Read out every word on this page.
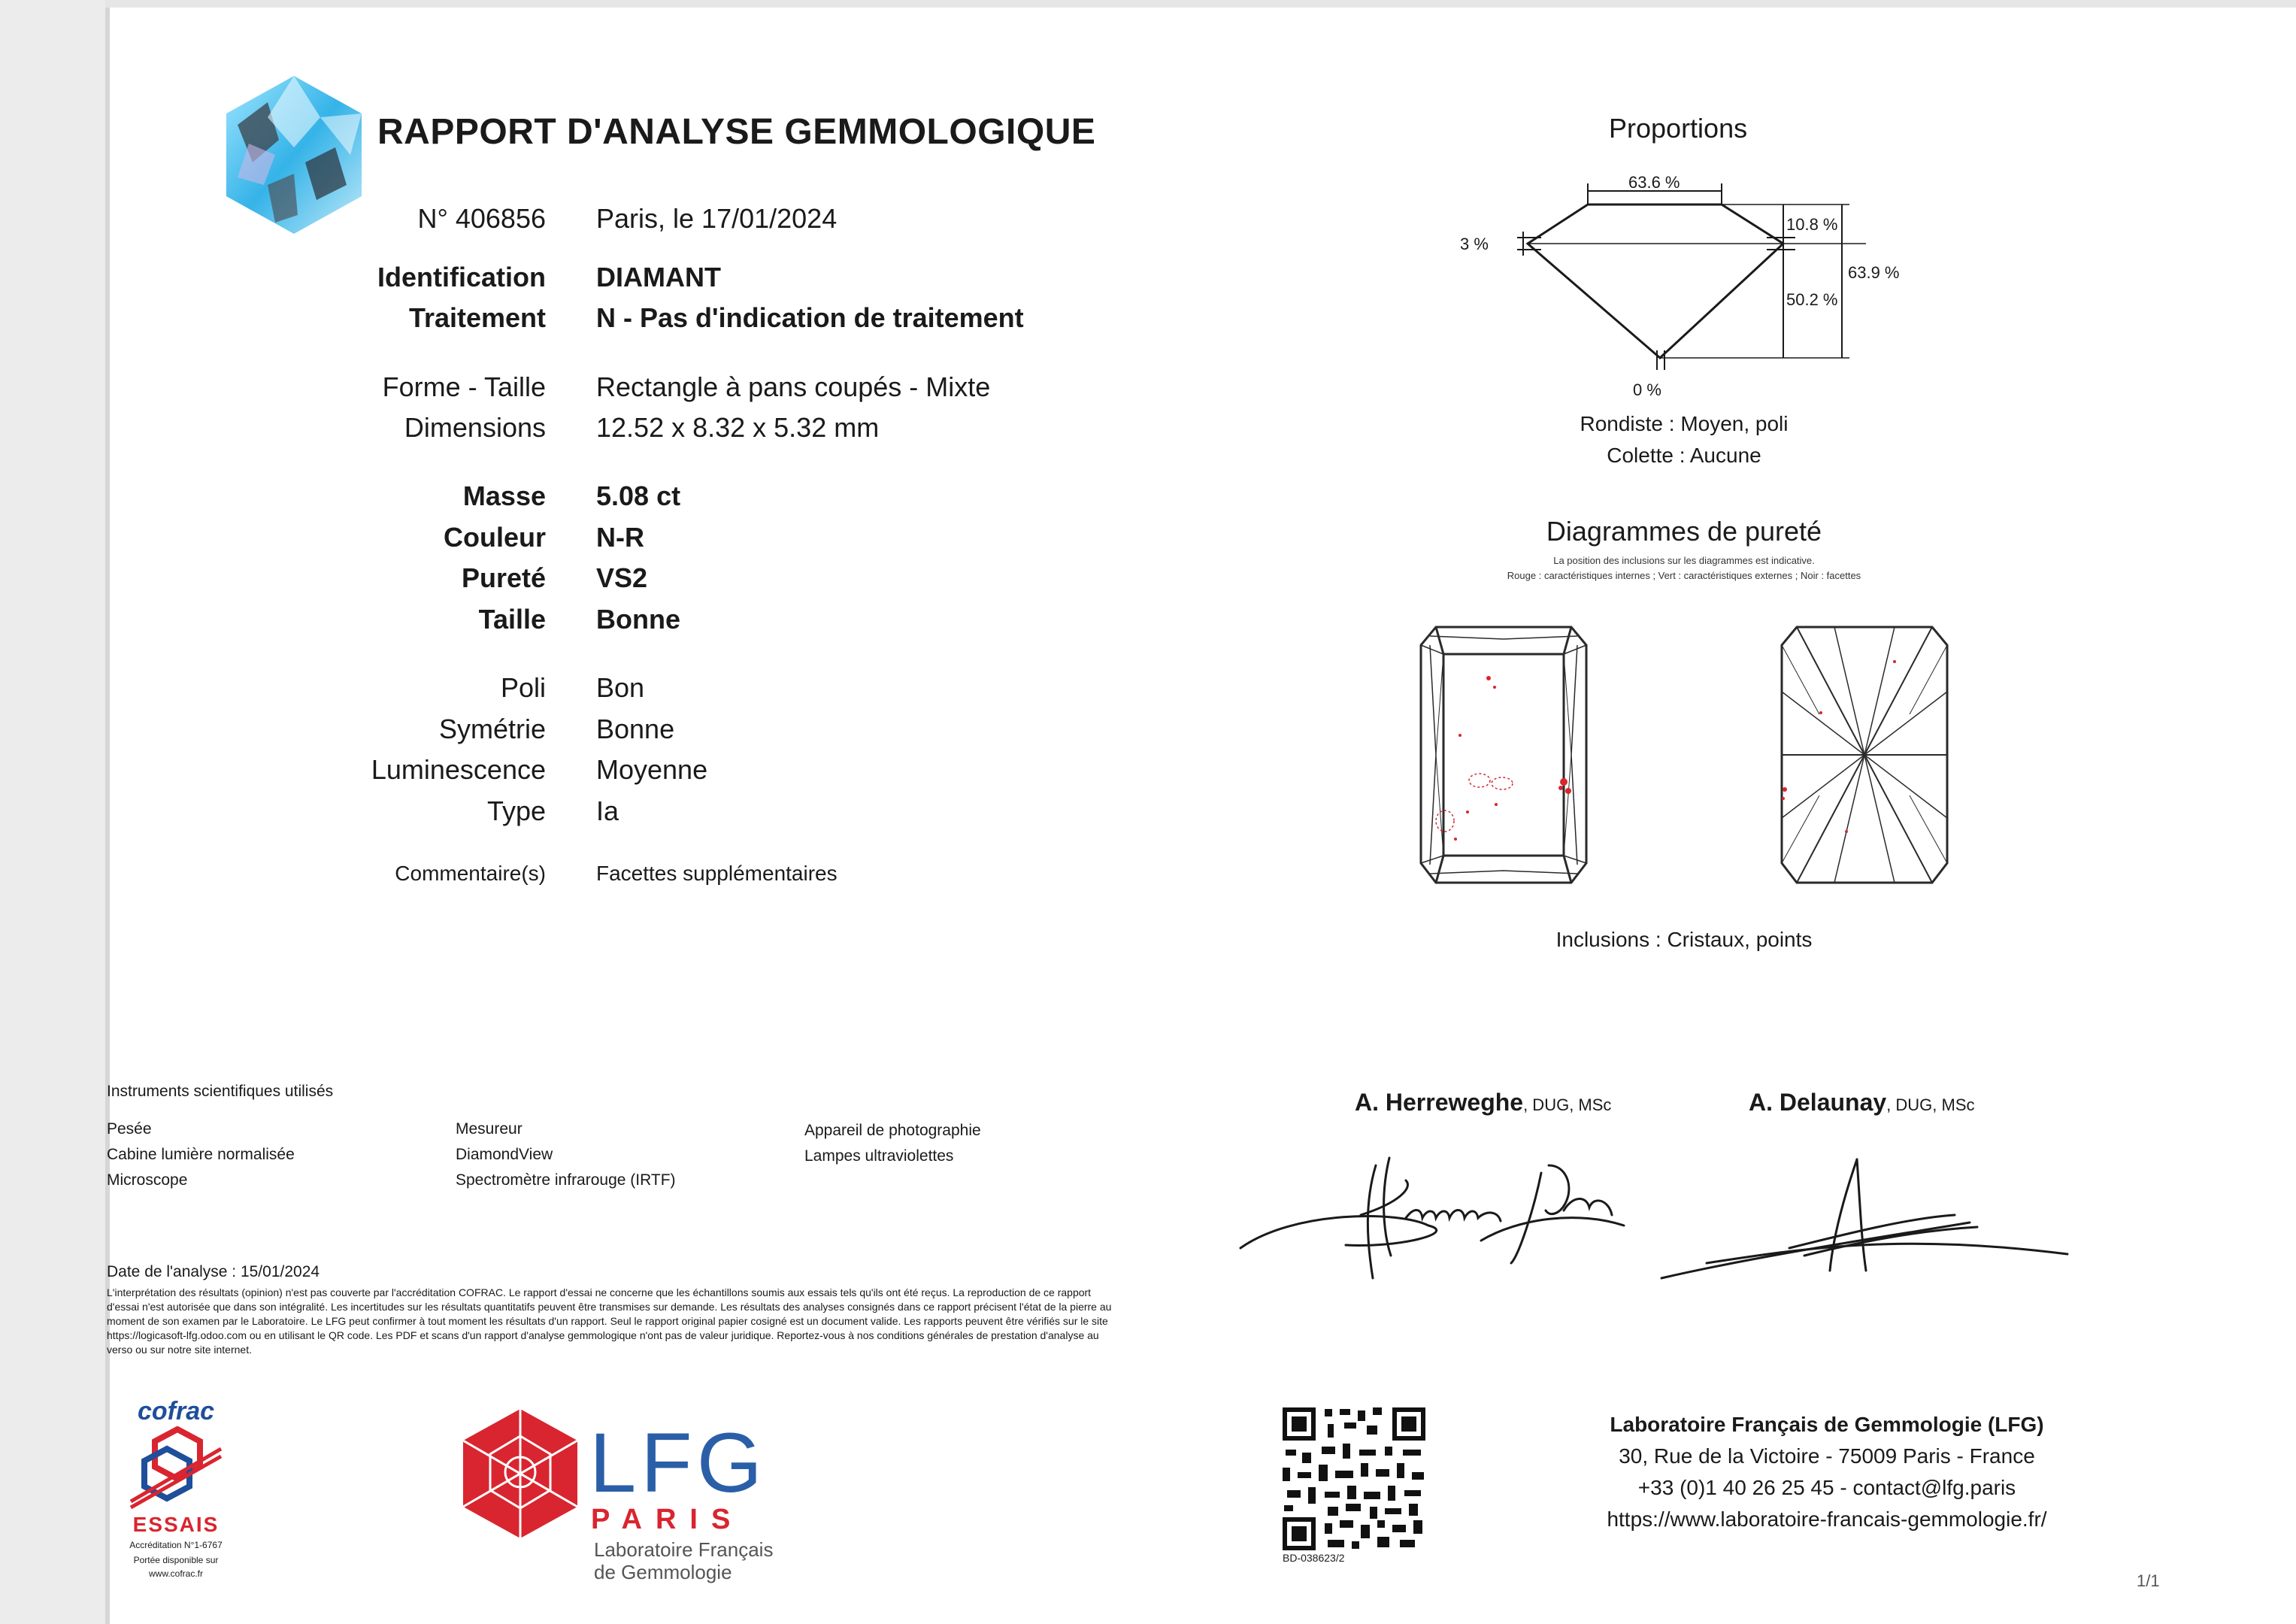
RAPPORT D'ANALYSE GEMMOLOGIQUE
N° 406856 Paris, le 17/01/2024
Identification DIAMANT
Traitement N - Pas d'indication de traitement
Forme - Taille Rectangle à pans coupés - Mixte
Dimensions 12.52 x 8.32 x 5.32 mm
Masse 5.08 ct
Couleur N-R
Pureté VS2
Taille Bonne
Poli Bon
Symétrie Bonne
Luminescence Moyenne
Type Ia
Commentaire(s) Facettes supplémentaires
Proportions
63.6 %
3 %
10.8 %
50.2 %
63.9 %
0 %
Rondiste : Moyen, poli
Colette : Aucune
Diagrammes de pureté
La position des inclusions sur les diagrammes est indicative.
Rouge : caractéristiques internes ; Vert : caractéristiques externes ; Noir : facettes
Inclusions : Cristaux, points
Instruments scientifiques utilisés
Pesée
Cabine lumière normalisée
Microscope
Mesureur
DiamondView
Spectromètre infrarouge (IRTF)
Appareil de photographie
Lampes ultraviolettes
Date de l'analyse : 15/01/2024
L'interprétation des résultats (opinion) n'est pas couverte par l'accréditation COFRAC. Le rapport d'essai ne concerne que les échantillons soumis aux essais tels qu'ils ont été reçus. La reproduction de ce rapport d'essai n'est autorisée que dans son intégralité. Les incertitudes sur les résultats quantitatifs peuvent être transmises sur demande. Les résultats des analyses consignés dans ce rapport précisent l'état de la pierre au moment de son examen par le Laboratoire. Le LFG peut confirmer à tout moment les résultats d'un rapport. Seul le rapport original papier cosigné est un document valide. Les rapports peuvent être vérifiés sur le site https://logicasoft-lfg.odoo.com ou en utilisant le QR code. Les PDF et scans d'un rapport d'analyse gemmologique n'ont pas de valeur juridique. Reportez-vous à nos conditions générales de prestation d'analyse au verso ou sur notre site internet.
A. Herreweghe, DUG, MSc	A. Delaunay, DUG, MSc
cofrac
ESSAIS
Accréditation N°1-6767
Portée disponible sur
www.cofrac.fr
LFG
PARIS
Laboratoire Français
de Gemmologie
BD-038623/2
Laboratoire Français de Gemmologie (LFG)
30, Rue de la Victoire - 75009 Paris - France
+33 (0)1 40 26 25 45 - contact@lfg.paris
https://www.laboratoire-francais-gemmologie.fr/
1/1
